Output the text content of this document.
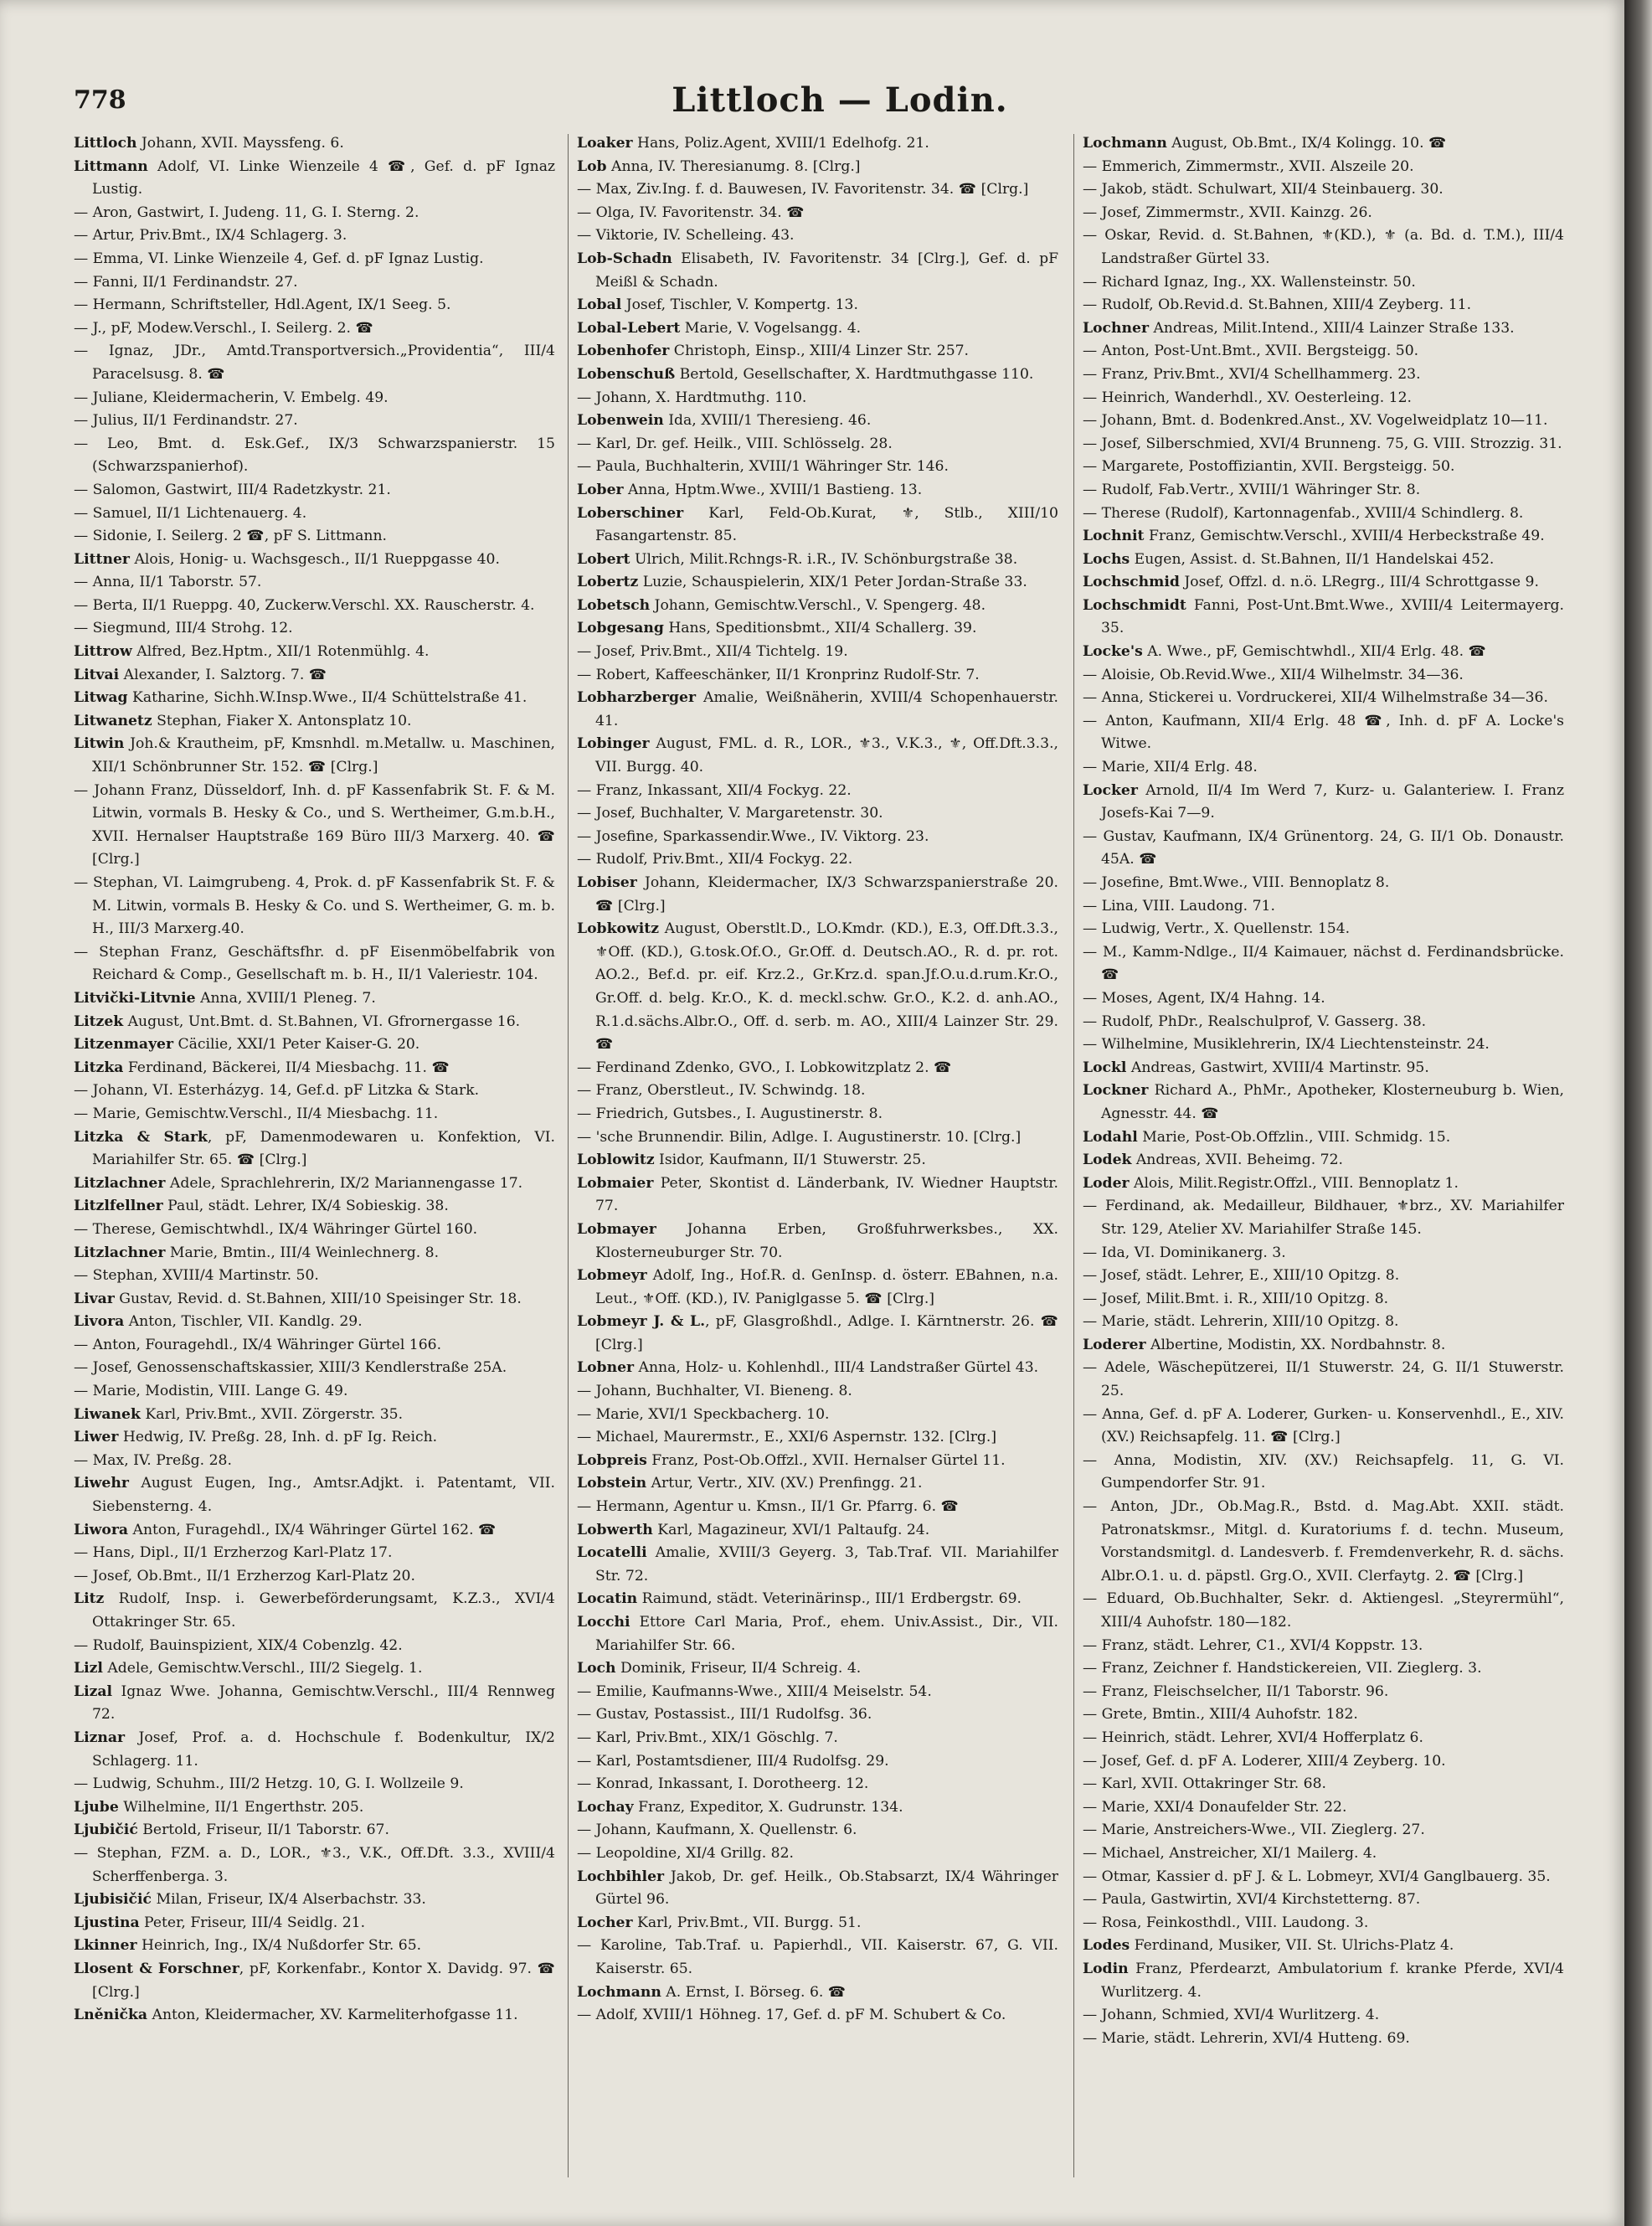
778	Littloch — Lodin.

Littloch Johann, XVII. Mayssfeng. 6.

Littmann Adolf, VI. Linke Wienzeile 4 ☎, Gef. d. pF Ignaz Lustig.

— Aron, Gastwirt, I. Judeng. 11, G. I. Sterng. 2.

— Artur, Priv.Bmt., IX/4 Schlagerg. 3.

— Emma, VI. Linke Wienzeile 4, Gef. d. pF Ignaz Lustig.

— Fanni, II/1 Ferdinandstr. 27.

— Hermann, Schriftsteller, Hdl.Agent, IX/1 Seeg. 5.

— J., pF, Modew.Verschl., I. Seilerg. 2. ☎

— Ignaz, JDr., Amtd.Transportversich.„Providentia“, III/4 Paracelsusg. 8. ☎

— Juliane, Kleidermacherin, V. Embelg. 49.

— Julius, II/1 Ferdinandstr. 27.

— Leo, Bmt. d. Esk.Gef., IX/3 Schwarzspanierstr. 15 (Schwarzspanierhof).

— Salomon, Gastwirt, III/4 Radetzkystr. 21.

— Samuel, II/1 Lichtenauerg. 4.

— Sidonie, I. Seilerg. 2 ☎, pF S. Littmann.

Littner Alois, Honig- u. Wachsgesch., II/1 Rueppgasse 40.

— Anna, II/1 Taborstr. 57.

— Berta, II/1 Rueppg. 40, Zuckerw.Verschl. XX. Rauscherstr. 4.

— Siegmund, III/4 Strohg. 12.

Littrow Alfred, Bez.Hptm., XII/1 Rotenmühlg. 4.

Litvai Alexander, I. Salztorg. 7. ☎

Litwag Katharine, Sichh.W.Insp.Wwe., II/4 Schüttelstraße 41.

Litwanetz Stephan, Fiaker X. Antonsplatz 10.

Litwin Joh.& Krautheim, pF, Kmsnhdl. m.Metallw. u. Maschinen, XII/1 Schönbrunner Str. 152. ☎ [Clrg.]

— Johann Franz, Düsseldorf, Inh. d. pF Kassenfabrik St. F. & M. Litwin, vormals B. Hesky & Co., und S. Wertheimer, G.m.b.H., XVII. Hernalser Hauptstraße 169 Büro III/3 Marxerg. 40. ☎ [Clrg.]

— Stephan, VI. Laimgrubeng. 4, Prok. d. pF Kassenfabrik St. F. & M. Litwin, vormals B. Hesky & Co. und S. Wertheimer, G. m. b. H., III/3 Marxerg.40.

— Stephan Franz, Geschäftsfhr. d. pF Eisenmöbelfabrik von Reichard & Comp., Gesellschaft m. b. H., II/1 Valeriestr. 104.

Litvički-Litvnie Anna, XVIII/1 Pleneg. 7.

Litzek August, Unt.Bmt. d. St.Bahnen, VI. Gfrornergasse 16.

Litzenmayer Cäcilie, XXI/1 Peter Kaiser-G. 20.

Litzka Ferdinand, Bäckerei, II/4 Miesbachg. 11. ☎

— Johann, VI. Esterházyg. 14, Gef.d. pF Litzka & Stark.

— Marie, Gemischtw.Verschl., II/4 Miesbachg. 11.

Litzka & Stark, pF, Damenmodewaren u. Konfektion, VI. Mariahilfer Str. 65. ☎ [Clrg.]

Litzlachner Adele, Sprachlehrerin, IX/2 Mariannengasse 17.

Litzlfellner Paul, städt. Lehrer, IX/4 Sobieskig. 38.

— Therese, Gemischtwhdl., IX/4 Währinger Gürtel 160.

Litzlachner Marie, Bmtin., III/4 Weinlechnerg. 8.

— Stephan, XVIII/4 Martinstr. 50.

Livar Gustav, Revid. d. St.Bahnen, XIII/10 Speisinger Str. 18.

Livora Anton, Tischler, VII. Kandlg. 29.

— Anton, Fouragehdl., IX/4 Währinger Gürtel 166.

— Josef, Genossenschaftskassier, XIII/3 Kendlerstraße 25A.

— Marie, Modistin, VIII. Lange G. 49.

Liwanek Karl, Priv.Bmt., XVII. Zörgerstr. 35.

Liwer Hedwig, IV. Preßg. 28, Inh. d. pF Ig. Reich.

— Max, IV. Preßg. 28.

Liwehr August Eugen, Ing., Amtsr.Adjkt. i. Patentamt, VII. Siebensterng. 4.

Liwora Anton, Furagehdl., IX/4 Währinger Gürtel 162. ☎

— Hans, Dipl., II/1 Erzherzog Karl-Platz 17.

— Josef, Ob.Bmt., II/1 Erzherzog Karl-Platz 20.

Litz Rudolf, Insp. i. Gewerbeförderungsamt, K.Z.3., XVI/4 Ottakringer Str. 65.

— Rudolf, Bauinspizient, XIX/4 Cobenzlg. 42.

Lizl Adele, Gemischtw.Verschl., III/2 Siegelg. 1.

Lizal Ignaz Wwe. Johanna, Gemischtw.Verschl., III/4 Rennweg 72.

Liznar Josef, Prof. a. d. Hochschule f. Bodenkultur, IX/2 Schlagerg. 11.

— Ludwig, Schuhm., III/2 Hetzg. 10, G. I. Wollzeile 9.

Ljube Wilhelmine, II/1 Engerthstr. 205.

Ljubičić Bertold, Friseur, II/1 Taborstr. 67.

— Stephan, FZM. a. D., LOR., ⚜3., V.K., Off.Dft. 3.3., XVIII/4 Scherffenberga. 3.

Ljubisičić Milan, Friseur, IX/4 Alserbachstr. 33.

Ljustina Peter, Friseur, III/4 Seidlg. 21.

Lkinner Heinrich, Ing., IX/4 Nußdorfer Str. 65.

Llosent & Forschner, pF, Korkenfabr., Kontor X. Davidg. 97. ☎ [Clrg.]

Lněnička Anton, Kleidermacher, XV. Karmeliterhofgasse 11.

Loaker Hans, Poliz.Agent, XVIII/1 Edelhofg. 21.

Lob Anna, IV. Theresianumg. 8. [Clrg.]

— Max, Ziv.Ing. f. d. Bauwesen, IV. Favoritenstr. 34. ☎ [Clrg.]

— Olga, IV. Favoritenstr. 34. ☎

— Viktorie, IV. Schelleing. 43.

Lob-Schadn Elisabeth, IV. Favoritenstr. 34 [Clrg.], Gef. d. pF Meißl & Schadn.

Lobal Josef, Tischler, V. Kompertg. 13.

Lobal-Lebert Marie, V. Vogelsangg. 4.

Lobenhofer Christoph, Einsp., XIII/4 Linzer Str. 257.

Lobenschuß Bertold, Gesellschafter, X. Hardtmuthgasse 110.

— Johann, X. Hardtmuthg. 110.

Lobenwein Ida, XVIII/1 Theresieng. 46.

— Karl, Dr. gef. Heilk., VIII. Schlösselg. 28.

— Paula, Buchhalterin, XVIII/1 Währinger Str. 146.

Lober Anna, Hptm.Wwe., XVIII/1 Bastieng. 13.

Loberschiner Karl, Feld-Ob.Kurat, ⚜, Stlb., XIII/10 Fasangartenstr. 85.

Lobert Ulrich, Milit.Rchngs-R. i.R., IV. Schönburgstraße 38.

Lobertz Luzie, Schauspielerin, XIX/1 Peter Jordan-Straße 33.

Lobetsch Johann, Gemischtw.Verschl., V. Spengerg. 48.

Lobgesang Hans, Speditionsbmt., XII/4 Schallerg. 39.

— Josef, Priv.Bmt., XII/4 Tichtelg. 19.

— Robert, Kaffeeschänker, II/1 Kronprinz Rudolf-Str. 7.

Lobharzberger Amalie, Weißnäherin, XVIII/4 Schopenhauerstr. 41.

Lobinger August, FML. d. R., LOR., ⚜3., V.K.3., ⚜, Off.Dft.3.3., VII. Burgg. 40.

— Franz, Inkassant, XII/4 Fockyg. 22.

— Josef, Buchhalter, V. Margaretenstr. 30.

— Josefine, Sparkassendir.Wwe., IV. Viktorg. 23.

— Rudolf, Priv.Bmt., XII/4 Fockyg. 22.

Lobiser Johann, Kleidermacher, IX/3 Schwarzspanierstraße 20. ☎ [Clrg.]

Lobkowitz August, Oberstlt.D., LO.Kmdr. (KD.), E.3, Off.Dft.3.3., ⚜Off. (KD.), G.tosk.Of.O., Gr.Off. d. Deutsch.AO., R. d. pr. rot. AO.2., Bef.d. pr. eif. Krz.2., Gr.Krz.d. span.Jf.O.u.d.rum.Kr.O., Gr.Off. d. belg. Kr.O., K. d. meckl.schw. Gr.O., K.2. d. anh.AO., R.1.d.sächs.Albr.O., Off. d. serb. m. AO., XIII/4 Lainzer Str. 29. ☎

— Ferdinand Zdenko, GVO., I. Lobkowitzplatz 2. ☎

— Franz, Oberstleut., IV. Schwindg. 18.

— Friedrich, Gutsbes., I. Augustinerstr. 8.

— 'sche Brunnendir. Bilin, Adlge. I. Augustinerstr. 10. [Clrg.]

Loblowitz Isidor, Kaufmann, II/1 Stuwerstr. 25.

Lobmaier Peter, Skontist d. Länderbank, IV. Wiedner Hauptstr. 77.

Lobmayer Johanna Erben, Großfuhrwerksbes., XX. Klosterneuburger Str. 70.

Lobmeyr Adolf, Ing., Hof.R. d. GenInsp. d. österr. EBahnen, n.a. Leut., ⚜Off. (KD.), IV. Paniglgasse 5. ☎ [Clrg.]

Lobmeyr J. & L., pF, Glasgroßhdl., Adlge. I. Kärntnerstr. 26. ☎ [Clrg.]

Lobner Anna, Holz- u. Kohlenhdl., III/4 Landstraßer Gürtel 43.

— Johann, Buchhalter, VI. Bieneng. 8.

— Marie, XVI/1 Speckbacherg. 10.

— Michael, Maurermstr., E., XXI/6 Aspernstr. 132. [Clrg.]

Lobpreis Franz, Post-Ob.Offzl., XVII. Hernalser Gürtel 11.

Lobstein Artur, Vertr., XIV. (XV.) Prenfingg. 21.

— Hermann, Agentur u. Kmsn., II/1 Gr. Pfarrg. 6. ☎

Lobwerth Karl, Magazineur, XVI/1 Paltaufg. 24.

Locatelli Amalie, XVIII/3 Geyerg. 3, Tab.Traf. VII. Mariahilfer Str. 72.

Locatin Raimund, städt. Veterinärinsp., III/1 Erdbergstr. 69.

Locchi Ettore Carl Maria, Prof., ehem. Univ.Assist., Dir., VII. Mariahilfer Str. 66.

Loch Dominik, Friseur, II/4 Schreig. 4.

— Emilie, Kaufmanns-Wwe., XIII/4 Meiselstr. 54.

— Gustav, Postassist., III/1 Rudolfsg. 36.

— Karl, Priv.Bmt., XIX/1 Göschlg. 7.

— Karl, Postamtsdiener, III/4 Rudolfsg. 29.

— Konrad, Inkassant, I. Dorotheerg. 12.

Lochay Franz, Expeditor, X. Gudrunstr. 134.

— Johann, Kaufmann, X. Quellenstr. 6.

— Leopoldine, XI/4 Grillg. 82.

Lochbihler Jakob, Dr. gef. Heilk., Ob.Stabsarzt, IX/4 Währinger Gürtel 96.

Locher Karl, Priv.Bmt., VII. Burgg. 51.

— Karoline, Tab.Traf. u. Papierhdl., VII. Kaiserstr. 67, G. VII. Kaiserstr. 65.

Lochmann A. Ernst, I. Börseg. 6. ☎

— Adolf, XVIII/1 Höhneg. 17, Gef. d. pF M. Schubert & Co.

Lochmann August, Ob.Bmt., IX/4 Kolingg. 10. ☎

— Emmerich, Zimmermstr., XVII. Alszeile 20.

— Jakob, städt. Schulwart, XII/4 Steinbauerg. 30.

— Josef, Zimmermstr., XVII. Kainzg. 26.

— Oskar, Revid. d. St.Bahnen, ⚜(KD.), ⚜ (a. Bd. d. T.M.), III/4 Landstraßer Gürtel 33.

— Richard Ignaz, Ing., XX. Wallensteinstr. 50.

— Rudolf, Ob.Revid.d. St.Bahnen, XIII/4 Zeyberg. 11.

Lochner Andreas, Milit.Intend., XIII/4 Lainzer Straße 133.

— Anton, Post-Unt.Bmt., XVII. Bergsteigg. 50.

— Franz, Priv.Bmt., XVI/4 Schellhammerg. 23.

— Heinrich, Wanderhdl., XV. Oesterleing. 12.

— Johann, Bmt. d. Bodenkred.Anst., XV. Vogelweidplatz 10—11.

— Josef, Silberschmied, XVI/4 Brunneng. 75, G. VIII. Strozzig. 31.

— Margarete, Postoffiziantin, XVII. Bergsteigg. 50.

— Rudolf, Fab.Vertr., XVIII/1 Währinger Str. 8.

— Therese (Rudolf), Kartonnagenfab., XVIII/4 Schindlerg. 8.

Lochnit Franz, Gemischtw.Verschl., XVIII/4 Herbeckstraße 49.

Lochs Eugen, Assist. d. St.Bahnen, II/1 Handelskai 452.

Lochschmid Josef, Offzl. d. n.ö. LRegrg., III/4 Schrottgasse 9.

Lochschmidt Fanni, Post-Unt.Bmt.Wwe., XVIII/4 Leitermayerg. 35.

Locke's A. Wwe., pF, Gemischtwhdl., XII/4 Erlg. 48. ☎

— Aloisie, Ob.Revid.Wwe., XII/4 Wilhelmstr. 34—36.

— Anna, Stickerei u. Vordruckerei, XII/4 Wilhelmstraße 34—36.

— Anton, Kaufmann, XII/4 Erlg. 48 ☎, Inh. d. pF A. Locke's Witwe.

— Marie, XII/4 Erlg. 48.

Locker Arnold, II/4 Im Werd 7, Kurz- u. Galanteriew. I. Franz Josefs-Kai 7—9.

— Gustav, Kaufmann, IX/4 Grünentorg. 24, G. II/1 Ob. Donaustr. 45A. ☎

— Josefine, Bmt.Wwe., VIII. Bennoplatz 8.

— Lina, VIII. Laudong. 71.

— Ludwig, Vertr., X. Quellenstr. 154.

— M., Kamm-Ndlge., II/4 Kaimauer, nächst d. Ferdinandsbrücke. ☎

— Moses, Agent, IX/4 Hahng. 14.

— Rudolf, PhDr., Realschulprof, V. Gasserg. 38.

— Wilhelmine, Musiklehrerin, IX/4 Liechtensteinstr. 24.

Lockl Andreas, Gastwirt, XVIII/4 Martinstr. 95.

Lockner Richard A., PhMr., Apotheker, Klosterneuburg b. Wien, Agnesstr. 44. ☎

Lodahl Marie, Post-Ob.Offzlin., VIII. Schmidg. 15.

Lodek Andreas, XVII. Beheimg. 72.

Loder Alois, Milit.Registr.Offzl., VIII. Bennoplatz 1.

— Ferdinand, ak. Medailleur, Bildhauer, ⚜brz., XV. Mariahilfer Str. 129, Atelier XV. Mariahilfer Straße 145.

— Ida, VI. Dominikanerg. 3.

— Josef, städt. Lehrer, E., XIII/10 Opitzg. 8.

— Josef, Milit.Bmt. i. R., XIII/10 Opitzg. 8.

— Marie, städt. Lehrerin, XIII/10 Opitzg. 8.

Loderer Albertine, Modistin, XX. Nordbahnstr. 8.

— Adele, Wäschepützerei, II/1 Stuwerstr. 24, G. II/1 Stuwerstr. 25.

— Anna, Gef. d. pF A. Loderer, Gurken- u. Konservenhdl., E., XIV. (XV.) Reichsapfelg. 11. ☎ [Clrg.]

— Anna, Modistin, XIV. (XV.) Reichsapfelg. 11, G. VI. Gumpendorfer Str. 91.

— Anton, JDr., Ob.Mag.R., Bstd. d. Mag.Abt. XXII. städt. Patronatskmsr., Mitgl. d. Kuratoriums f. d. techn. Museum, Vorstandsmitgl. d. Landesverb. f. Fremdenverkehr, R. d. sächs. Albr.O.1. u. d. päpstl. Grg.O., XVII. Clerfaytg. 2. ☎ [Clrg.]

— Eduard, Ob.Buchhalter, Sekr. d. Aktiengesl. „Steyrermühl“, XIII/4 Auhofstr. 180—182.

— Franz, städt. Lehrer, C1., XVI/4 Koppstr. 13.

— Franz, Zeichner f. Handstickereien, VII. Zieglerg. 3.

— Franz, Fleischselcher, II/1 Taborstr. 96.

— Grete, Bmtin., XIII/4 Auhofstr. 182.

— Heinrich, städt. Lehrer, XVI/4 Hofferplatz 6.

— Josef, Gef. d. pF A. Loderer, XIII/4 Zeyberg. 10.

— Karl, XVII. Ottakringer Str. 68.

— Marie, XXI/4 Donaufelder Str. 22.

— Marie, Anstreichers-Wwe., VII. Zieglerg. 27.

— Michael, Anstreicher, XI/1 Mailerg. 4.

— Otmar, Kassier d. pF J. & L. Lobmeyr, XVI/4 Ganglbauerg. 35.

— Paula, Gastwirtin, XVI/4 Kirchstetterng. 87.

— Rosa, Feinkosthdl., VIII. Laudong. 3.

Lodes Ferdinand, Musiker, VII. St. Ulrichs-Platz 4.

Lodin Franz, Pferdearzt, Ambulatorium f. kranke Pferde, XVI/4 Wurlitzerg. 4.

— Johann, Schmied, XVI/4 Wurlitzerg. 4.

— Marie, städt. Lehrerin, XVI/4 Hutteng. 69.
